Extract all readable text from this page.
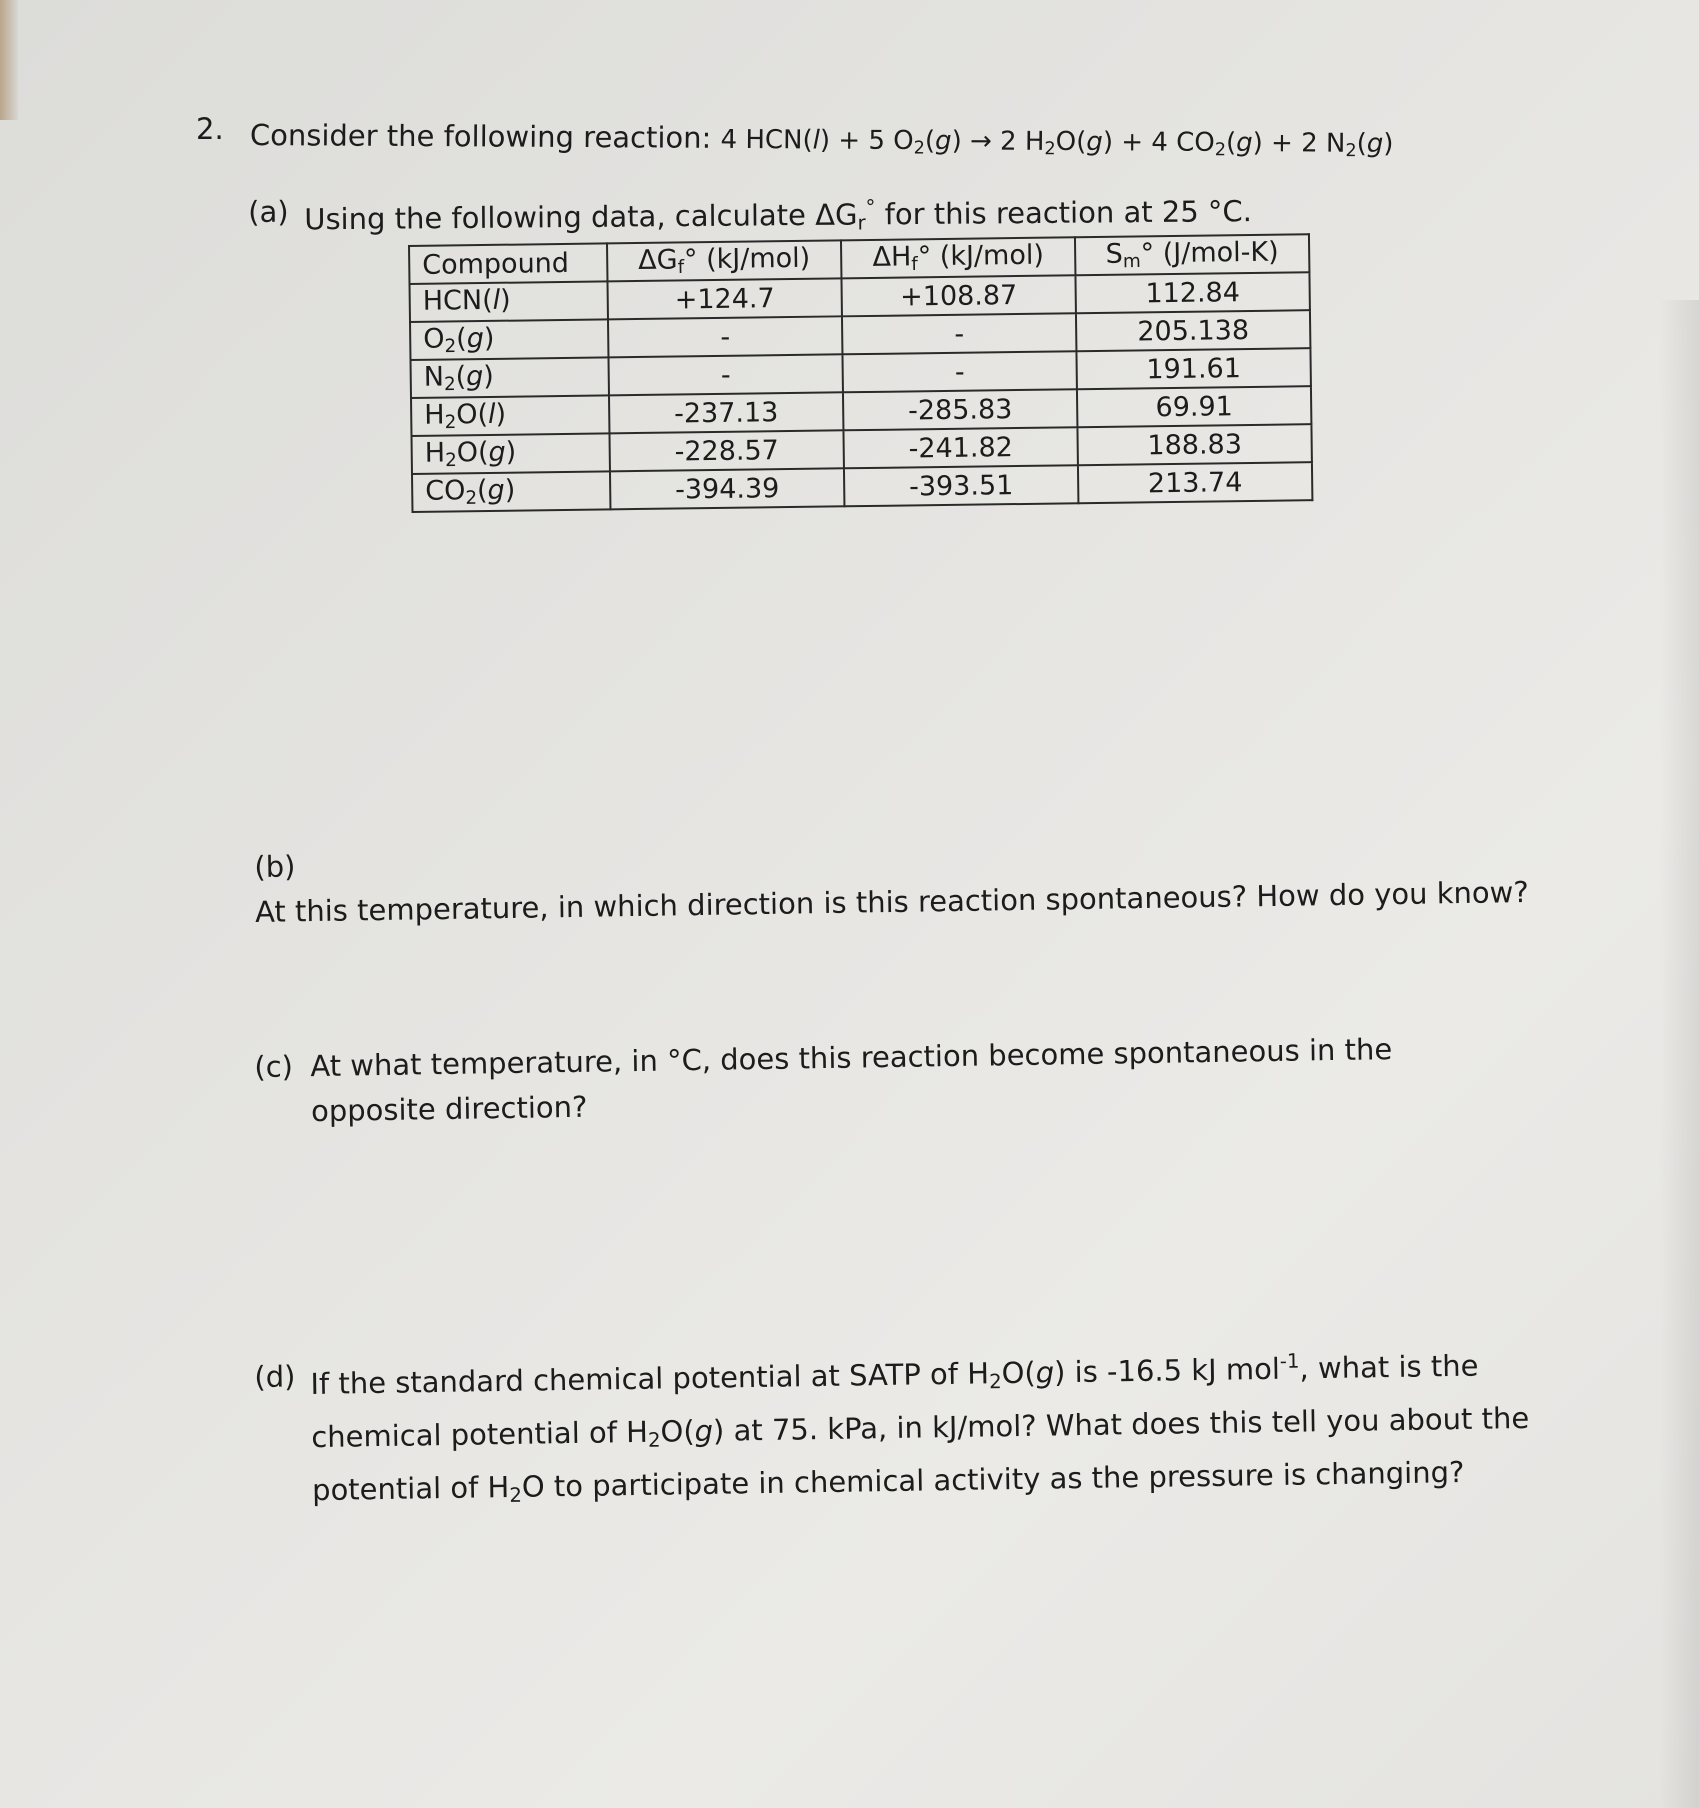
2. Consider the following reaction: 4 HCN(l) + 5 $O_2(g) \to 2$ $H_2O(g) + 4$ $CO_2(g) + 2$ $N_2(g)$
(a) Using the following data, calculate $\Delta G_r^\circ$ for this reaction at 25 °C.
Compound	$\Delta G_f^\circ$ (kJ/mol)	$\Delta H_f^\circ$ (kJ/mol)	$S_m^\circ$ (J/mol-K)
HCN(l)	+124.7	+108.87	112.84
$O_2(g)$	-	-	205.138
$N_2(g)$	-	-	191.61
$H_2O(l)$	-237.13	-285.83	69.91
$H_2O(g)$	-228.57	-241.82	188.83
$CO_2(g)$	-394.39	-393.51	213.74
(b)At this temperature, in which direction is this reaction spontaneous? How do you know?
(c) At what temperature, in °C, does this reaction become spontaneous in the opposite direction?
(d) If the standard chemical potential at SATP of $H_2O(g)$ is -16.5 kJ mol$^{-1}$, what is the chemical potential of $H_2O(g)$ at 75. kPa, in kJ/mol? What does this tell you about the potential of $H_2O$ to participate in chemical activity as the pressure is changing?
